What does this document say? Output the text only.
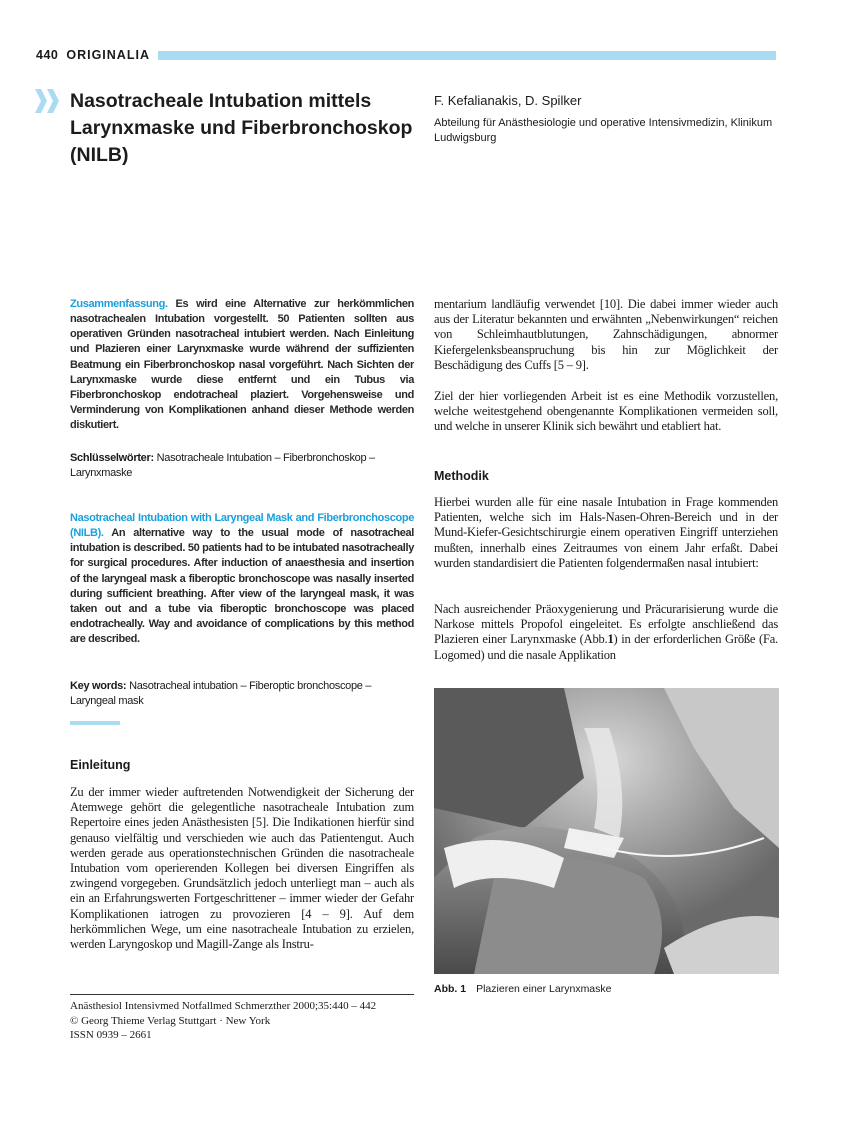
440 ORIGINALIA
Nasotracheale Intubation mittels Larynxmaske und Fiberbronchoskop (NILB)
F. Kefalianakis, D. Spilker
Abteilung für Anästhesiologie und operative Intensivmedizin, Klinikum Ludwigsburg

Zusammenfassung. Es wird eine Alternative zur herkömmlichen nasotrachealen Intubation vorgestellt. 50 Patienten sollten aus operativen Gründen nasotracheal intubiert werden. Nach Einleitung und Plazieren einer Larynxmaske wurde während der suffizienten Beatmung ein Fiberbronchoskop nasal vorgeführt. Nach Sichten der Larynxmaske wurde diese entfernt und ein Tubus via Fiberbronchoskop endotracheal plaziert. Vorgehensweise und Verminderung von Komplikationen anhand dieser Methode werden diskutiert.

Schlüsselwörter: Nasotracheale Intubation – Fiberbronchoskop – Larynxmaske

Nasotracheal Intubation with Laryngeal Mask and Fiberbronchoscope (NILB). An alternative way to the usual mode of nasotracheal intubation is described. 50 patients had to be intubated nasotracheally for surgical procedures. After induction of anaesthesia and insertion of the laryngeal mask a fiberoptic bronchoscope was nasally inserted during sufficient breathing. After view of the laryngeal mask, it was taken out and a tube via fiberoptic bronchoscope was placed endotracheally. Way and avoidance of complications by this method are described.

Key words: Nasotracheal intubation – Fiberoptic bronchoscope – Laryngeal mask

Einleitung

Zu der immer wieder auftretenden Notwendigkeit der Sicherung der Atemwege gehört die gelegentliche nasotracheale Intubation zum Repertoire eines jeden Anästhesisten [5]. Die Indikationen hierfür sind genauso vielfältig und verschieden wie auch das Patientengut. Auch werden gerade aus operationstechnischen Gründen die nasotracheale Intubation vom operierenden Kollegen bei diversen Eingriffen als zwingend vorgegeben. Grundsätzlich jedoch unterliegt man – auch als ein an Erfahrungswerten Fortgeschrittener – immer wieder der Gefahr Komplikationen iatrogen zu provozieren [4 – 9]. Auf dem herkömmlichen Wege, um eine nasotracheale Intubation zu erzielen, werden Laryngoskop und Magill-Zange als Instru-

mentarium landläufig verwendet [10]. Die dabei immer wieder auch aus der Literatur bekannten und erwähnten „Nebenwirkungen“ reichen von Schleimhautblutungen, Zahnschädigungen, abnormer Kiefergelenksbeanspruchung bis hin zur Möglichkeit der Beschädigung des Cuffs [5 – 9].

Ziel der hier vorliegenden Arbeit ist es eine Methodik vorzustellen, welche weitestgehend obengenannte Komplikationen vermeiden soll, und welche in unserer Klinik sich bewährt und etabliert hat.

Methodik

Hierbei wurden alle für eine nasale Intubation in Frage kommenden Patienten, welche sich im Hals-Nasen-Ohren-Bereich und in der Mund-Kiefer-Gesichtschirurgie einem operativen Eingriff unterziehen mußten, innerhalb eines Zeitraumes von einem Jahr erfaßt. Dabei wurden standardisiert die Patienten folgendermaßen nasal intubiert:

Nach ausreichender Präoxygenierung und Präcurarisierung wurde die Narkose mittels Propofol eingeleitet. Es erfolgte anschließend das Plazieren einer Larynxmaske (Abb.1) in der erforderlichen Größe (Fa. Logomed) und die nasale Applikation

Abb. 1 Plazieren einer Larynxmaske
Anästhesiol Intensivmed Notfallmed Schmerzther 2000;35:440 – 442
© Georg Thieme Verlag Stuttgart · New York
ISSN 0939 – 2661
